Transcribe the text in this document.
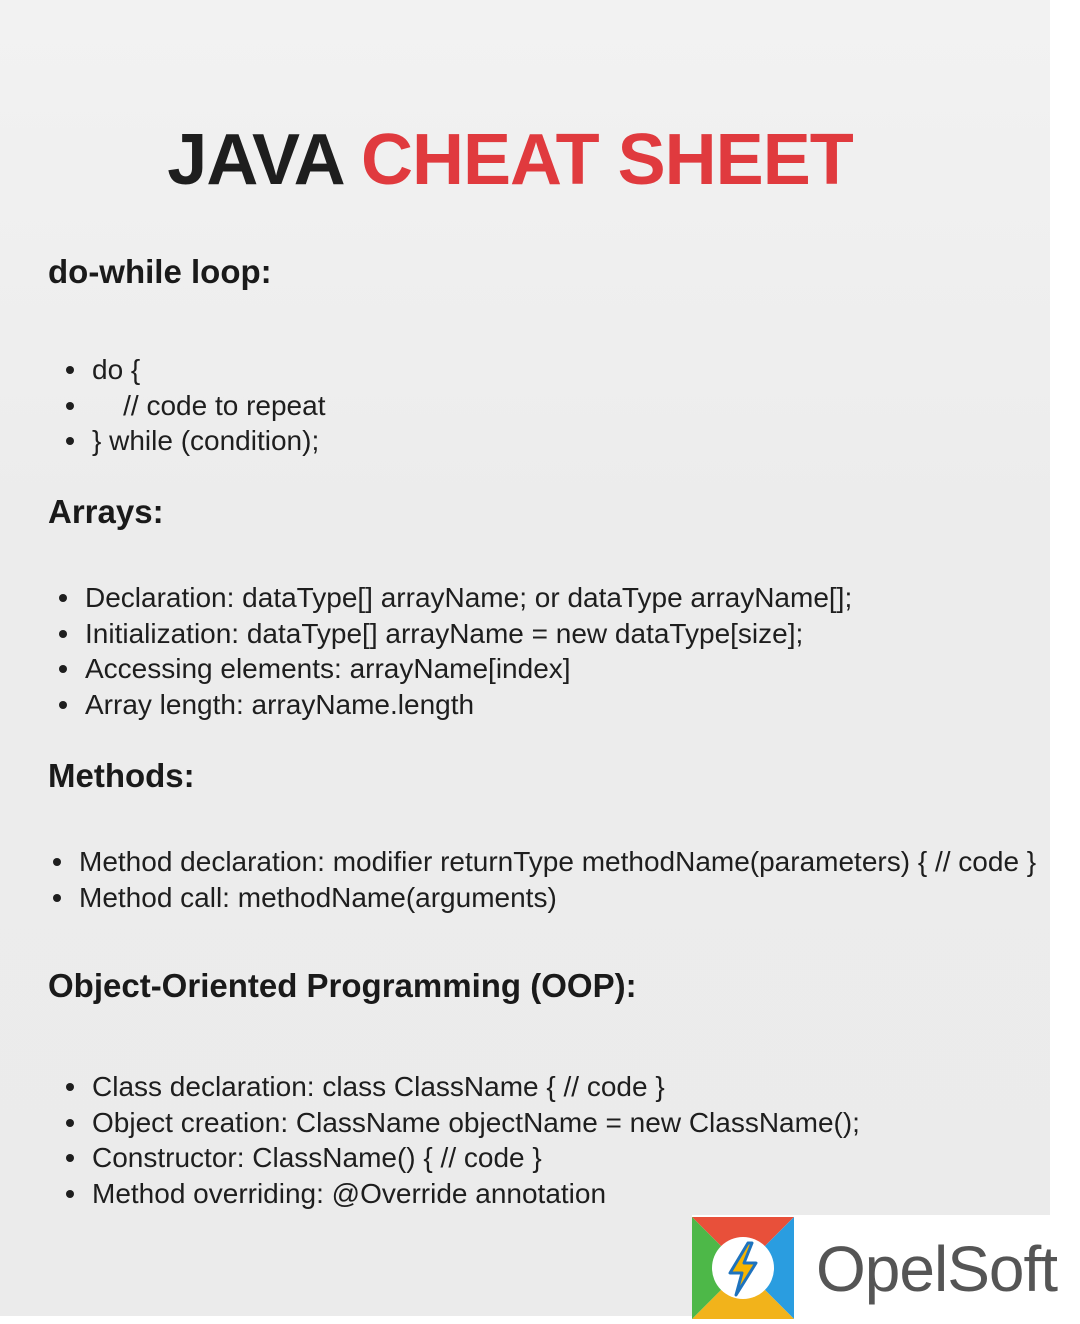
JAVA CHEAT SHEET
do-while loop:
do {
// code to repeat
} while (condition);
Arrays:
Declaration: dataType[] arrayName; or dataType arrayName[];
Initialization: dataType[] arrayName = new dataType[size];
Accessing elements: arrayName[index]
Array length: arrayName.length
Methods:
Method declaration: modifier returnType methodName(parameters) { // code }
Method call: methodName(arguments)
Object-Oriented Programming (OOP):
Class declaration: class ClassName { // code }
Object creation: ClassName objectName = new ClassName();
Constructor: ClassName() { // code }
Method overriding: @Override annotation
OpelSoft
